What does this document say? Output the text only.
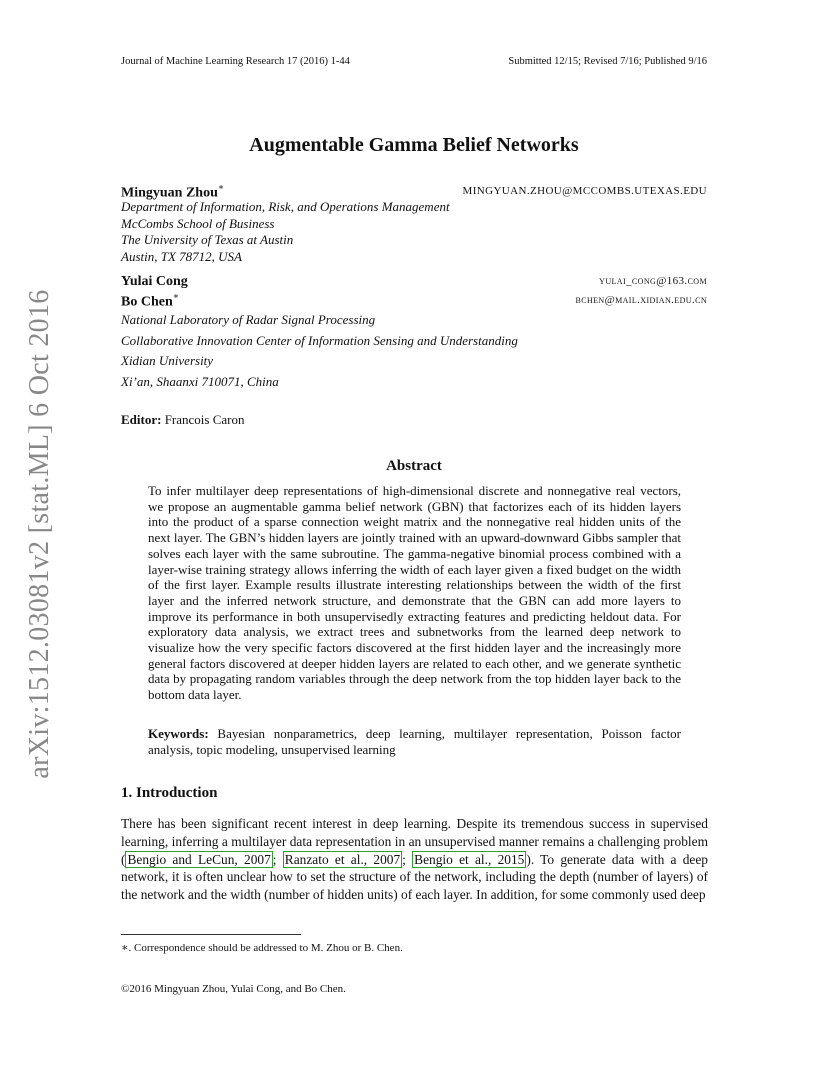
Journal of Machine Learning Research 17 (2016) 1-44	Submitted 12/15; Revised 7/16; Published 9/16
arXiv:1512.03081v2 [stat.ML] 6 Oct 2016
Augmentable Gamma Belief Networks
Mingyuan Zhou∗	MINGYUAN.ZHOU@MCCOMBS.UTEXAS.EDU
Department of Information, Risk, and Operations Management
McCombs School of Business
The University of Texas at Austin
Austin, TX 78712, USA
Yulai Cong	yulai_cong@163.com
Bo Chen∗	bchen@mail.xidian.edu.cn
National Laboratory of Radar Signal Processing
Collaborative Innovation Center of Information Sensing and Understanding
Xidian University
Xi’an, Shaanxi 710071, China
Editor: Francois Caron
Abstract
To infer multilayer deep representations of high-dimensional discrete and nonnegative real vectors, we propose an augmentable gamma belief network (GBN) that factorizes each of its hidden layers into the product of a sparse connection weight matrix and the nonnegative real hidden units of the next layer. The GBN’s hidden layers are jointly trained with an upward-downward Gibbs sampler that solves each layer with the same subroutine. The gamma-negative binomial process combined with a layer-wise training strategy allows inferring the width of each layer given a fixed budget on the width of the first layer. Example results illustrate interesting relationships between the width of the first layer and the inferred network structure, and demonstrate that the GBN can add more layers to improve its performance in both unsupervisedly extracting features and predicting heldout data. For exploratory data analysis, we extract trees and subnetworks from the learned deep network to visualize how the very specific factors discovered at the first hidden layer and the increasingly more general factors discovered at deeper hidden layers are related to each other, and we generate synthetic data by propagating random variables through the deep network from the top hidden layer back to the bottom data layer.
Keywords: Bayesian nonparametrics, deep learning, multilayer representation, Poisson factor analysis, topic modeling, unsupervised learning
1. Introduction
There has been significant recent interest in deep learning. Despite its tremendous success in supervised learning, inferring a multilayer data representation in an unsupervised manner remains a challenging problem ( Bengio and LeCun, 2007 ; Ranzato et al., 2007 ; Bengio et al., 2015 ). To generate data with a deep network, it is often unclear how to set the structure of the network, including the depth (number of layers) of the network and the width (number of hidden units) of each layer. In addition, for some commonly used deep
∗. Correspondence should be addressed to M. Zhou or B. Chen.
©2016 Mingyuan Zhou, Yulai Cong, and Bo Chen.
